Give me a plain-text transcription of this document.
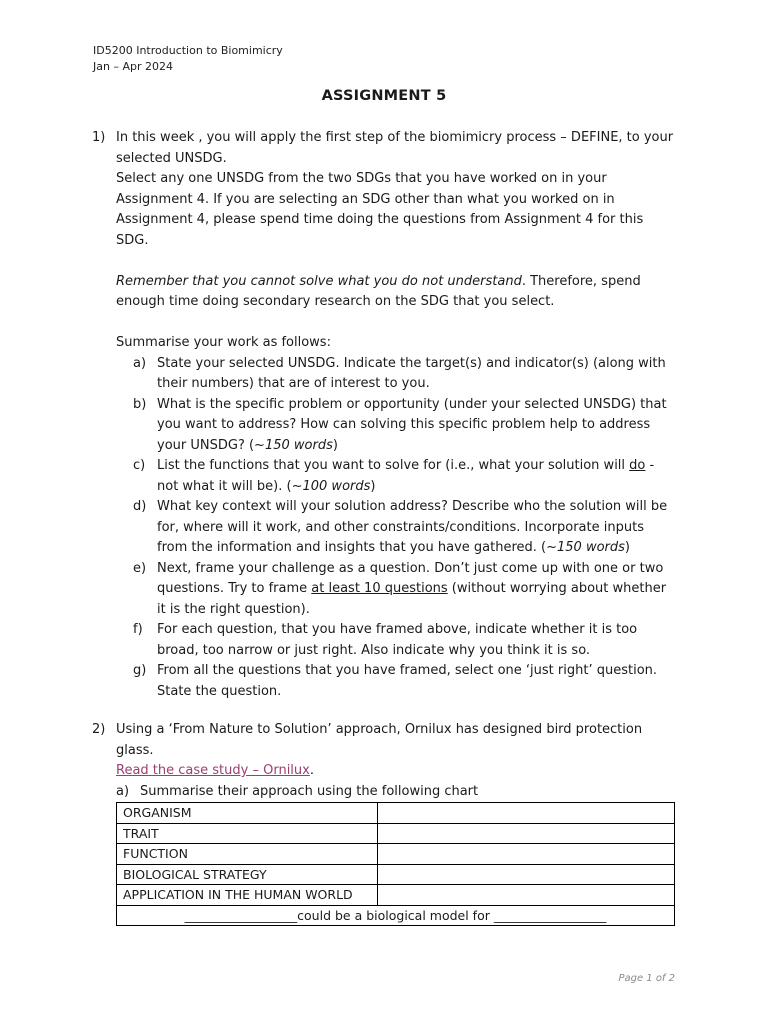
ID5200 Introduction to Biomimicry
Jan – Apr 2024
ASSIGNMENT 5
1) In this week , you will apply the first step of the biomimicry process – DEFINE, to your selected UNSDG.

Select any one UNSDG from the two SDGs that you have worked on in your Assignment 4. If you are selecting an SDG other than what you worked on in Assignment 4, please spend time doing the questions from Assignment 4 for this SDG.

Remember that you cannot solve what you do not understand. Therefore, spend enough time doing secondary research on the SDG that you select.

Summarise your work as follows:

a) State your selected UNSDG. Indicate the target(s) and indicator(s) (along with their numbers) that are of interest to you.
b) What is the specific problem or opportunity (under your selected UNSDG) that you want to address? How can solving this specific problem help to address your UNSDG? (~150 words)
c) List the functions that you want to solve for (i.e., what your solution will do - not what it will be). (~100 words)
d) What key context will your solution address? Describe who the solution will be for, where will it work, and other constraints/conditions. Incorporate inputs from the information and insights that you have gathered. (~150 words)
e) Next, frame your challenge as a question. Don’t just come up with one or two questions. Try to frame at least 10 questions (without worrying about whether it is the right question).
f) For each question, that you have framed above, indicate whether it is too broad, too narrow or just right. Also indicate why you think it is so.
g) From all the questions that you have framed, select one ‘just right’ question. State the question.
2) Using a ‘From Nature to Solution’ approach, Ornilux has designed bird protection glass.

Read the case study – Ornilux.

a) Summarise their approach using the following chart
ORGANISM	
TRAIT	
FUNCTION	
BIOLOGICAL STRATEGY	
APPLICATION IN THE HUMAN WORLD	
__________________could be a biological model for __________________	
Page 1 of 2
